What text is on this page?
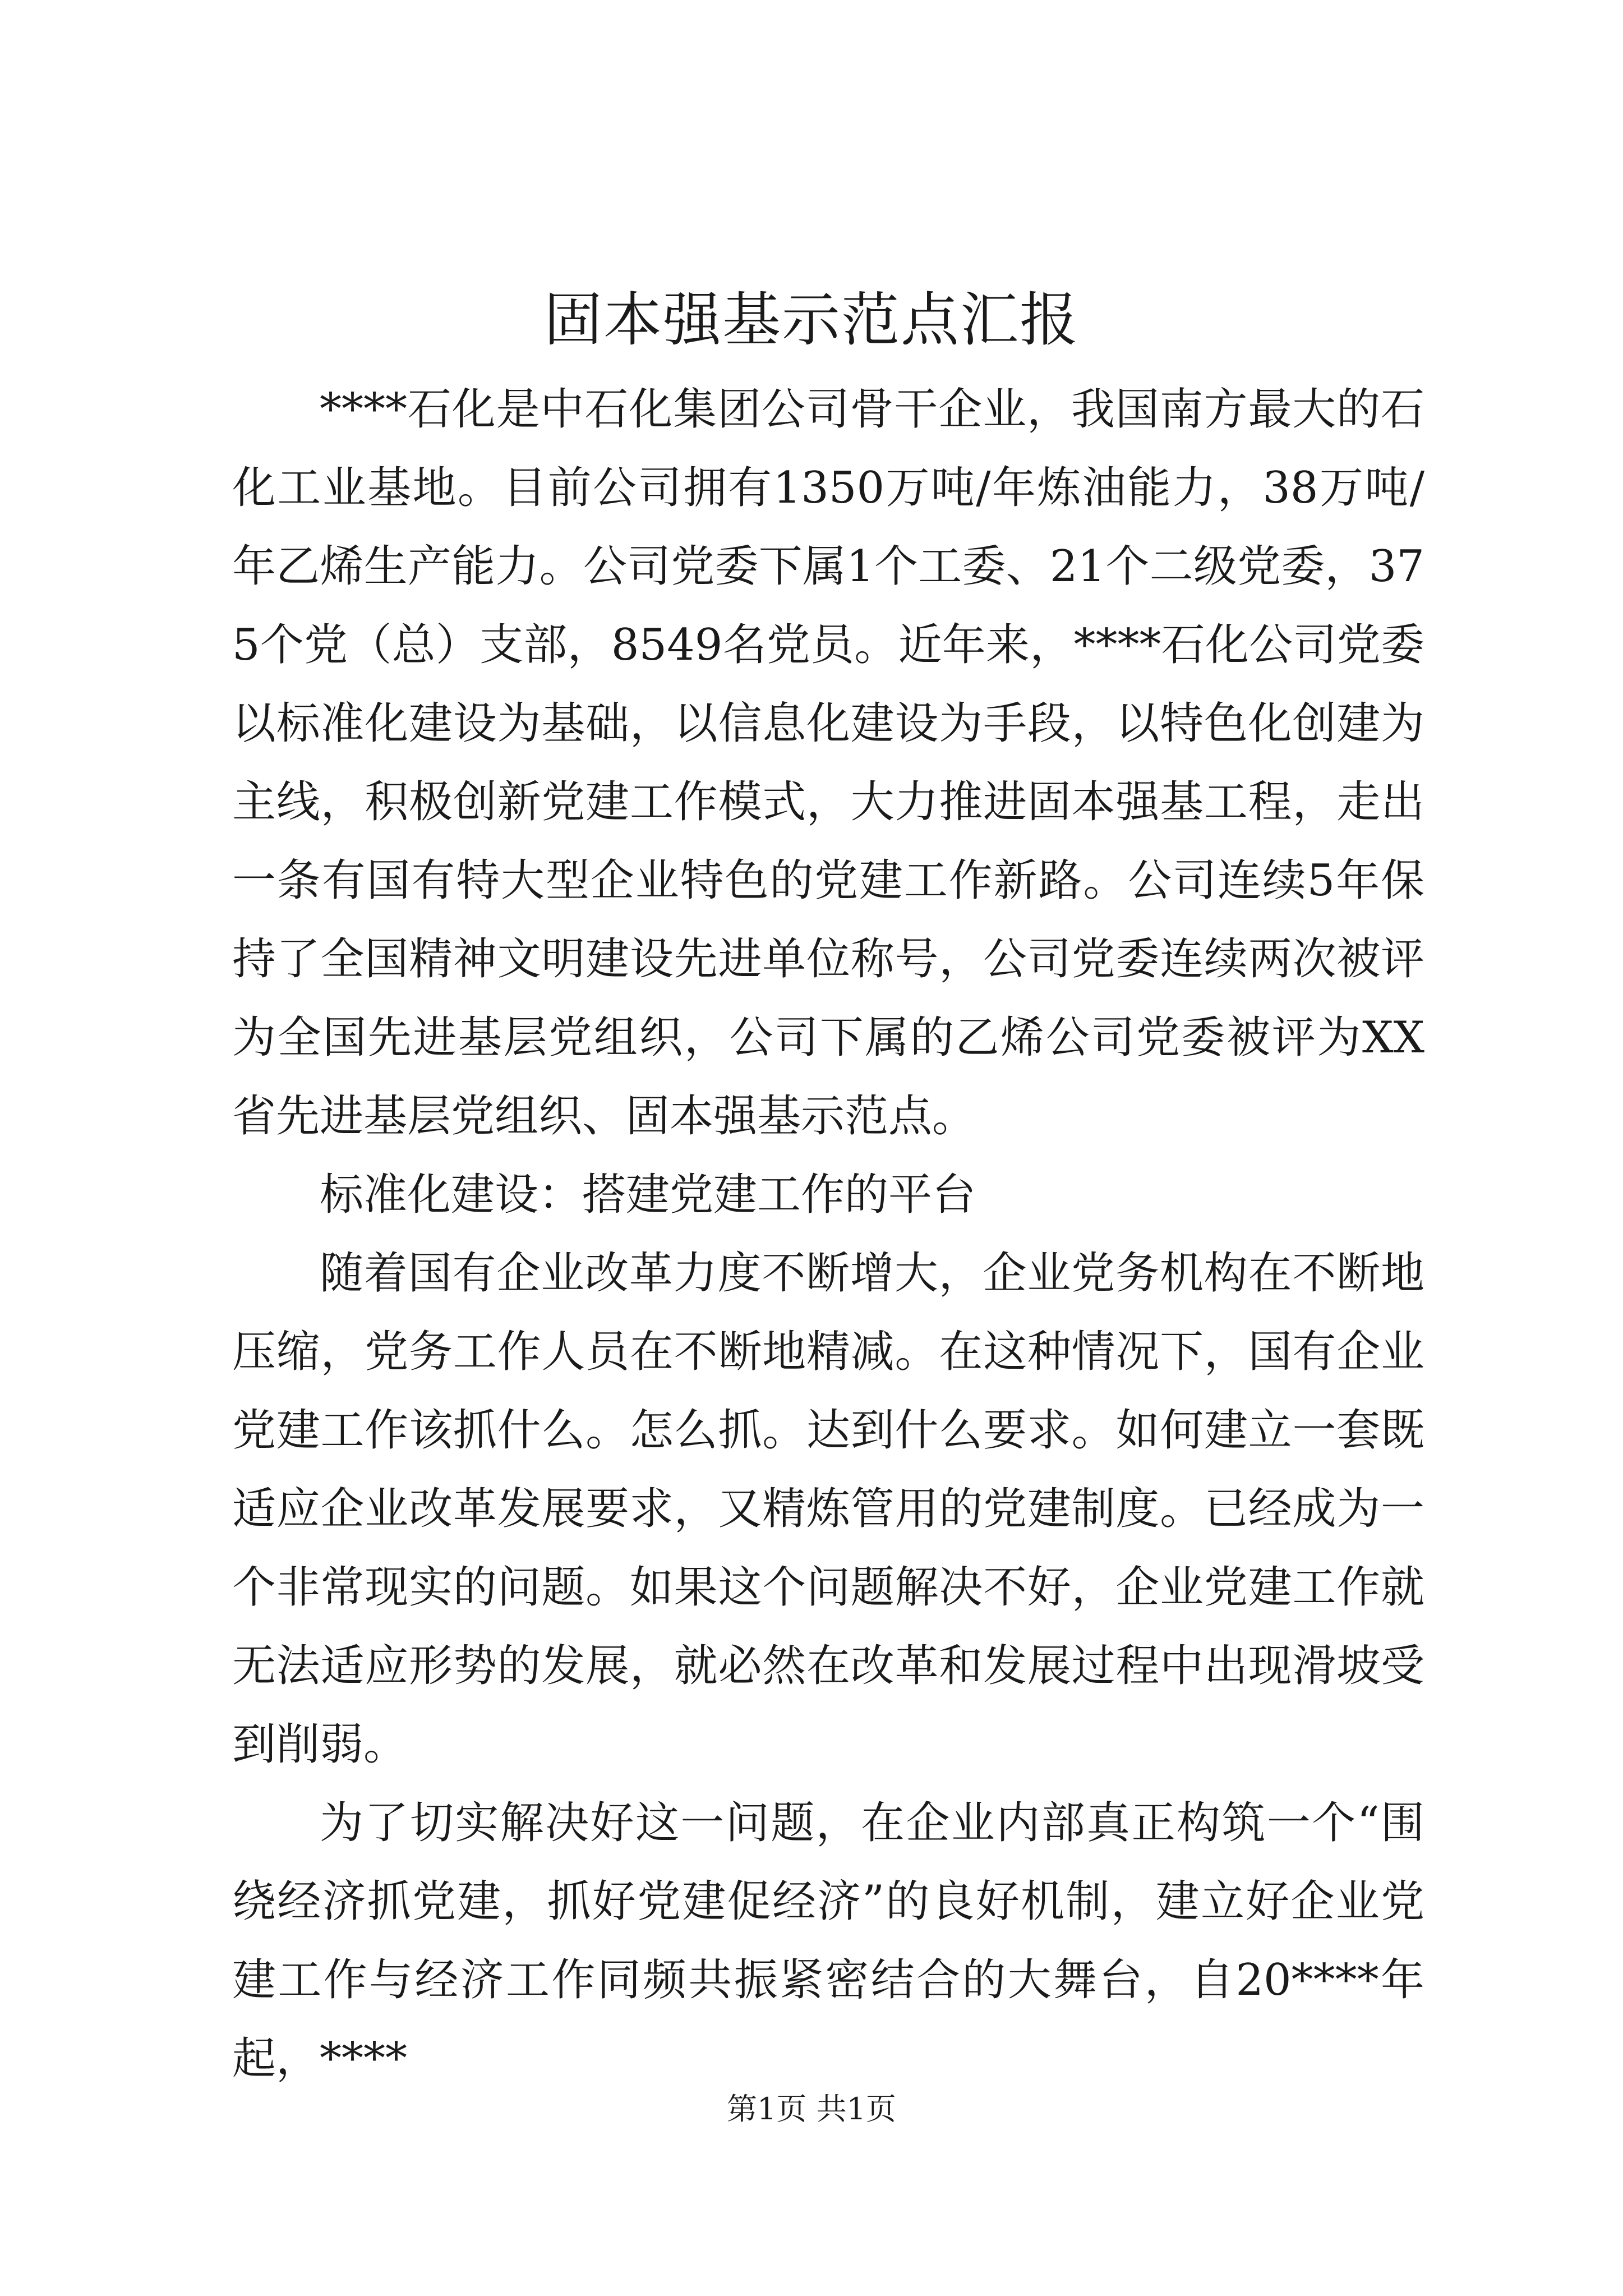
固本强基示范点汇报

****石化是中石化集团公司骨干企业，我国南方最大的石化工业基地。目前公司拥有1350万吨/年炼油能力，38万吨/年乙烯生产能力。公司党委下属1个工委、21个二级党委，375个党（总）支部，8549名党员。近年来，****石化公司党委以标准化建设为基础，以信息化建设为手段，以特色化创建为主线，积极创新党建工作模式，大力推进固本强基工程，走出一条有国有特大型企业特色的党建工作新路。公司连续5年保持了全国精神文明建设先进单位称号，公司党委连续两次被评为全国先进基层党组织，公司下属的乙烯公司党委被评为XX省先进基层党组织、固本强基示范点。

标准化建设：搭建党建工作的平台

随着国有企业改革力度不断增大，企业党务机构在不断地压缩，党务工作人员在不断地精减。在这种情况下，国有企业党建工作该抓什么。怎么抓。达到什么要求。如何建立一套既适应企业改革发展要求，又精炼管用的党建制度。已经成为一个非常现实的问题。如果这个问题解决不好，企业党建工作就无法适应形势的发展，就必然在改革和发展过程中出现滑坡受到削弱。

为了切实解决好这一问题，在企业内部真正构筑一个“围绕经济抓党建，抓好党建促经济”的良好机制，建立好企业党建工作与经济工作同频共振紧密结合的大舞台，自20****年起，****

第1页 共1页
